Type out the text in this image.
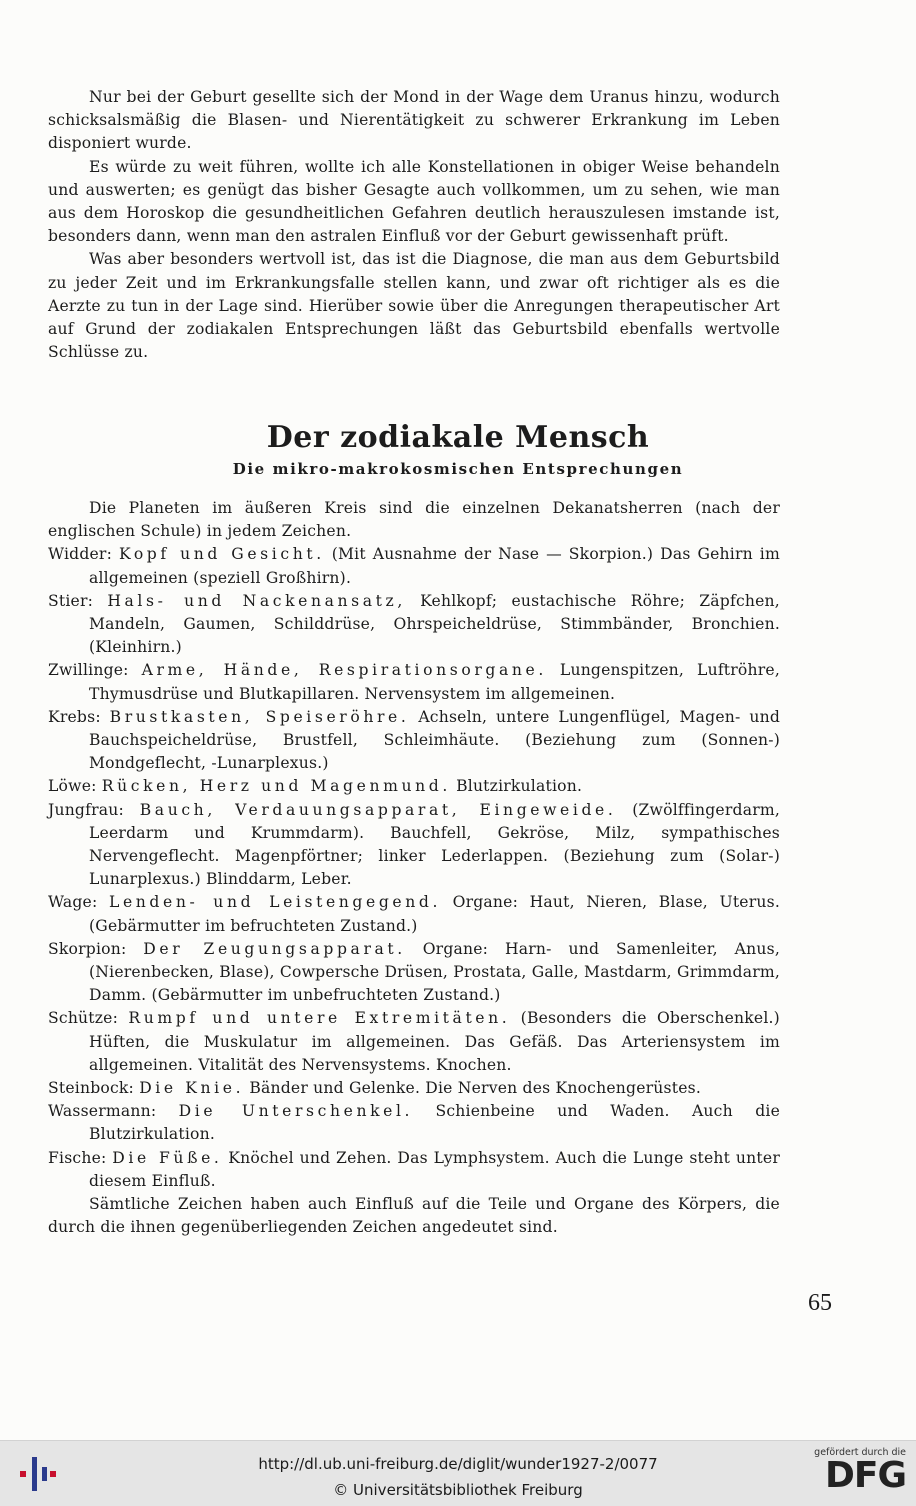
Nur bei der Geburt gesellte sich der Mond in der Wage dem Uranus hinzu, wodurch schicksalsmäßig die Blasen- und Nierentätigkeit zu schwerer Erkrankung im Leben disponiert wurde.

Es würde zu weit führen, wollte ich alle Konstellationen in obiger Weise behandeln und auswerten; es genügt das bisher Gesagte auch vollkommen, um zu sehen, wie man aus dem Horoskop die gesundheitlichen Gefahren deutlich herauszulesen imstande ist, besonders dann, wenn man den astralen Einfluß vor der Geburt gewissenhaft prüft.

Was aber besonders wertvoll ist, das ist die Diagnose, die man aus dem Geburtsbild zu jeder Zeit und im Erkrankungsfalle stellen kann, und zwar oft richtiger als es die Aerzte zu tun in der Lage sind. Hierüber sowie über die Anregungen therapeutischer Art auf Grund der zodiakalen Entsprechungen läßt das Geburtsbild ebenfalls wertvolle Schlüsse zu.

Der zodiakale Mensch
Die mikro-makrokosmischen Entsprechungen

Die Planeten im äußeren Kreis sind die einzelnen Dekanatsherren (nach der englischen Schule) in jedem Zeichen.

Widder: Kopf und Gesicht. (Mit Ausnahme der Nase — Skorpion.) Das Gehirn im allgemeinen (speziell Großhirn).

Stier: Hals- und Nackenansatz, Kehlkopf; eustachische Röhre; Zäpfchen, Mandeln, Gaumen, Schilddrüse, Ohrspeicheldrüse, Stimmbänder, Bronchien. (Kleinhirn.)

Zwillinge: Arme, Hände, Respirationsorgane. Lungenspitzen, Luftröhre, Thymusdrüse und Blutkapillaren. Nervensystem im allgemeinen.

Krebs: Brustkasten, Speiseröhre. Achseln, untere Lungenflügel, Magen- und Bauchspeicheldrüse, Brustfell, Schleimhäute. (Beziehung zum (Sonnen-) Mondgeflecht, -Lunarplexus.)

Löwe: Rücken, Herz und Magenmund. Blutzirkulation.

Jungfrau: Bauch, Verdauungsapparat, Eingeweide. (Zwölffingerdarm, Leerdarm und Krummdarm). Bauchfell, Gekröse, Milz, sympathisches Nervengeflecht. Magenpförtner; linker Lederlappen. (Beziehung zum (Solar-) Lunarplexus.) Blinddarm, Leber.

Wage: Lenden- und Leistengegend. Organe: Haut, Nieren, Blase, Uterus. (Gebärmutter im befruchteten Zustand.)

Skorpion: Der Zeugungsapparat. Organe: Harn- und Samenleiter, Anus, (Nierenbecken, Blase), Cowpersche Drüsen, Prostata, Galle, Mastdarm, Grimmdarm, Damm. (Gebärmutter im unbefruchteten Zustand.)

Schütze: Rumpf und untere Extremitäten. (Besonders die Oberschenkel.) Hüften, die Muskulatur im allgemeinen. Das Gefäß. Das Arteriensystem im allgemeinen. Vitalität des Nervensystems. Knochen.

Steinbock: Die Knie. Bänder und Gelenke. Die Nerven des Knochengerüstes.

Wassermann: Die Unterschenkel. Schienbeine und Waden. Auch die Blutzirkulation.

Fische: Die Füße. Knöchel und Zehen. Das Lymphsystem. Auch die Lunge steht unter diesem Einfluß.

Sämtliche Zeichen haben auch Einfluß auf die Teile und Organe des Körpers, die durch die ihnen gegenüberliegenden Zeichen angedeutet sind.

65
http://dl.ub.uni-freiburg.de/diglit/wunder1927-2/0077
© Universitätsbibliothek Freiburg
gefördert durch die
DFG
